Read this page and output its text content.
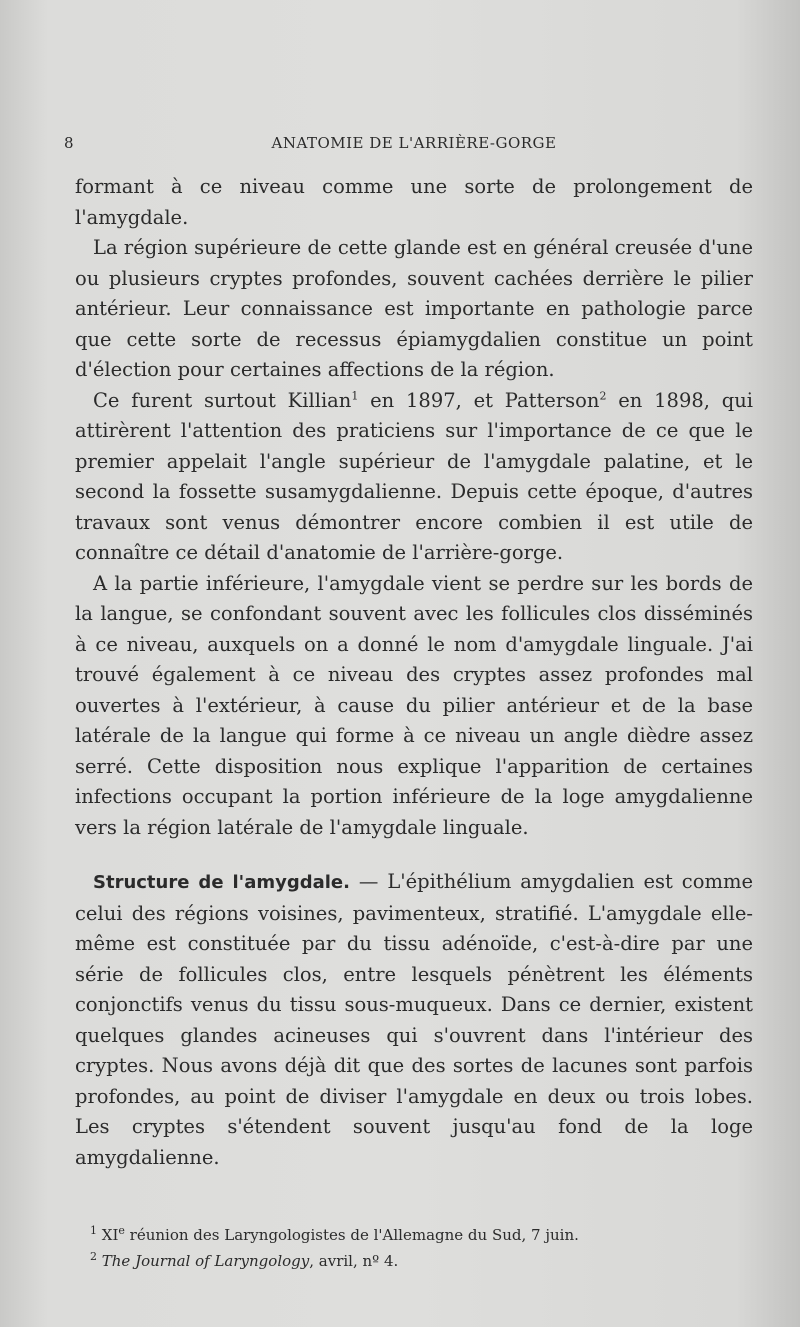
8	ANATOMIE DE L'ARRIÈRE-GORGE

formant à ce niveau comme une sorte de prolongement de l'amygdale.

La région supérieure de cette glande est en général creusée d'une ou plusieurs cryptes profondes, souvent cachées derrière le pilier antérieur. Leur connaissance est importante en pathologie parce que cette sorte de recessus épiamygdalien constitue un point d'élection pour certaines affections de la région.

Ce furent surtout Killian$^1$ en 1897, et Patterson$^2$ en 1898, qui attirèrent l'attention des praticiens sur l'importance de ce que le premier appelait l'angle supérieur de l'amygdale palatine, et le second la fossette susamygdalienne. Depuis cette époque, d'autres travaux sont venus démontrer encore combien il est utile de connaître ce détail d'anatomie de l'arrière-gorge.

A la partie inférieure, l'amygdale vient se perdre sur les bords de la langue, se confondant souvent avec les follicules clos disséminés à ce niveau, auxquels on a donné le nom d'amygdale linguale. J'ai trouvé également à ce niveau des cryptes assez profondes mal ouvertes à l'extérieur, à cause du pilier antérieur et de la base latérale de la langue qui forme à ce niveau un angle dièdre assez serré. Cette disposition nous explique l'apparition de certaines infections occupant la portion inférieure de la loge amygdalienne vers la région latérale de l'amygdale linguale.

Structure de l'amygdale. — L'épithélium amygdalien est comme celui des régions voisines, pavimenteux, stratifié. L'amygdale elle-même est constituée par du tissu adénoïde, c'est-à-dire par une série de follicules clos, entre lesquels pénètrent les éléments conjonctifs venus du tissu sous-muqueux. Dans ce dernier, existent quelques glandes acineuses qui s'ouvrent dans l'intérieur des cryptes. Nous avons déjà dit que des sortes de lacunes sont parfois profondes, au point de diviser l'amygdale en deux ou trois lobes. Les cryptes s'étendent souvent jusqu'au fond de la loge amygdalienne.

$^1$ XIe réunion des Laryngologistes de l'Allemagne du Sud, 7 juin.

$^2$ The Journal of Laryngology, avril, nº 4.
